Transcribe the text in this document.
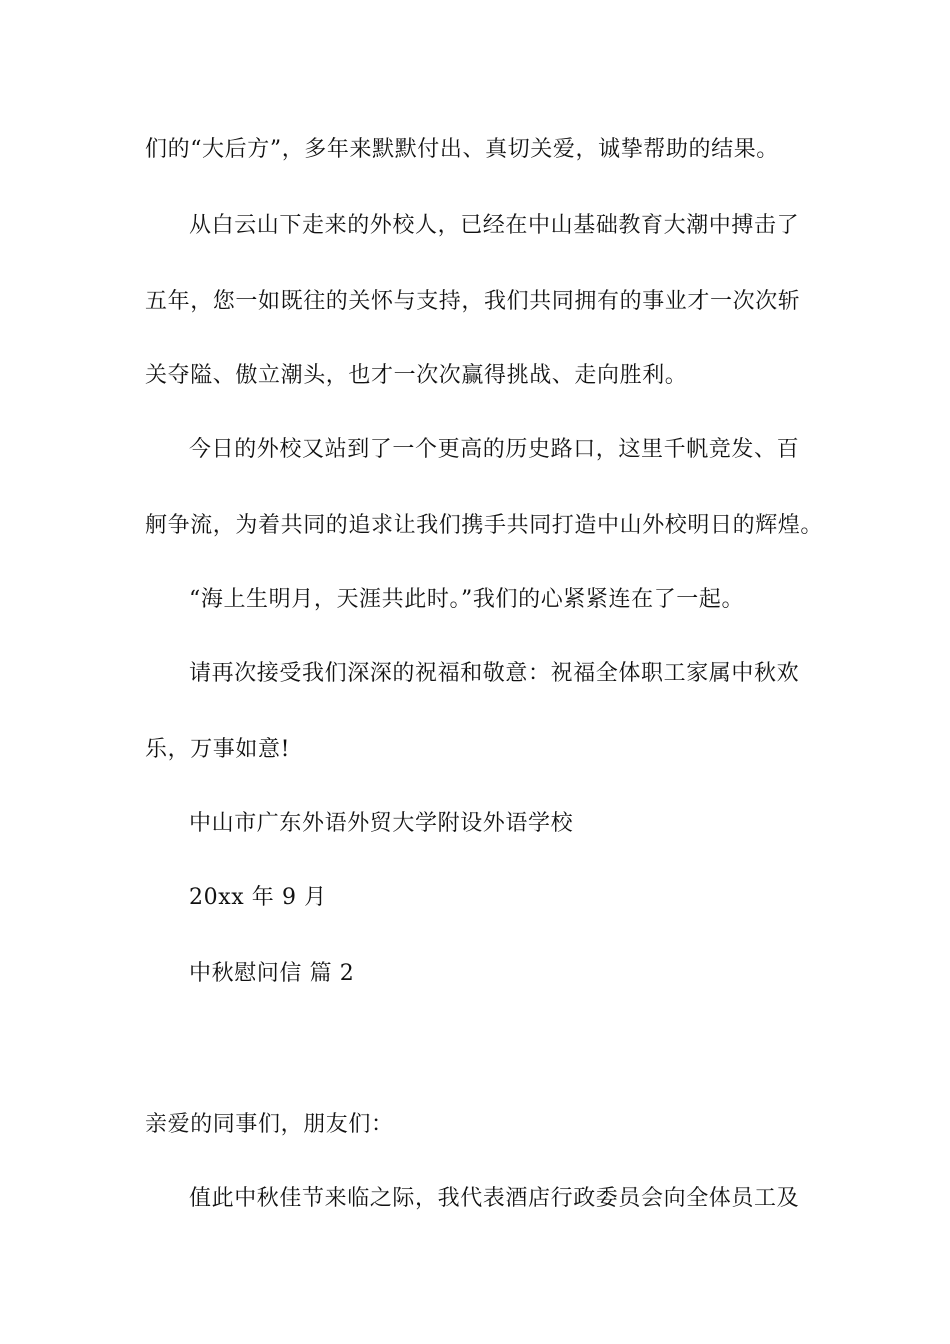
们的“大后方”，多年来默默付出、真切关爱，诚挚帮助的结果。
从白云山下走来的外校人，已经在中山基础教育大潮中搏击了
五年，您一如既往的关怀与支持，我们共同拥有的事业才一次次斩
关夺隘、傲立潮头，也才一次次赢得挑战、走向胜利。
今日的外校又站到了一个更高的历史路口，这里千帆竞发、百
舸争流，为着共同的追求让我们携手共同打造中山外校明日的辉煌。
“海上生明月，天涯共此时。”我们的心紧紧连在了一起。
请再次接受我们深深的祝福和敬意：祝福全体职工家属中秋欢
乐，万事如意!
中山市广东外语外贸大学附设外语学校
20xx 年 9 月
中秋慰问信 篇 2
亲爱的同事们，朋友们：
值此中秋佳节来临之际，我代表酒店行政委员会向全体员工及
